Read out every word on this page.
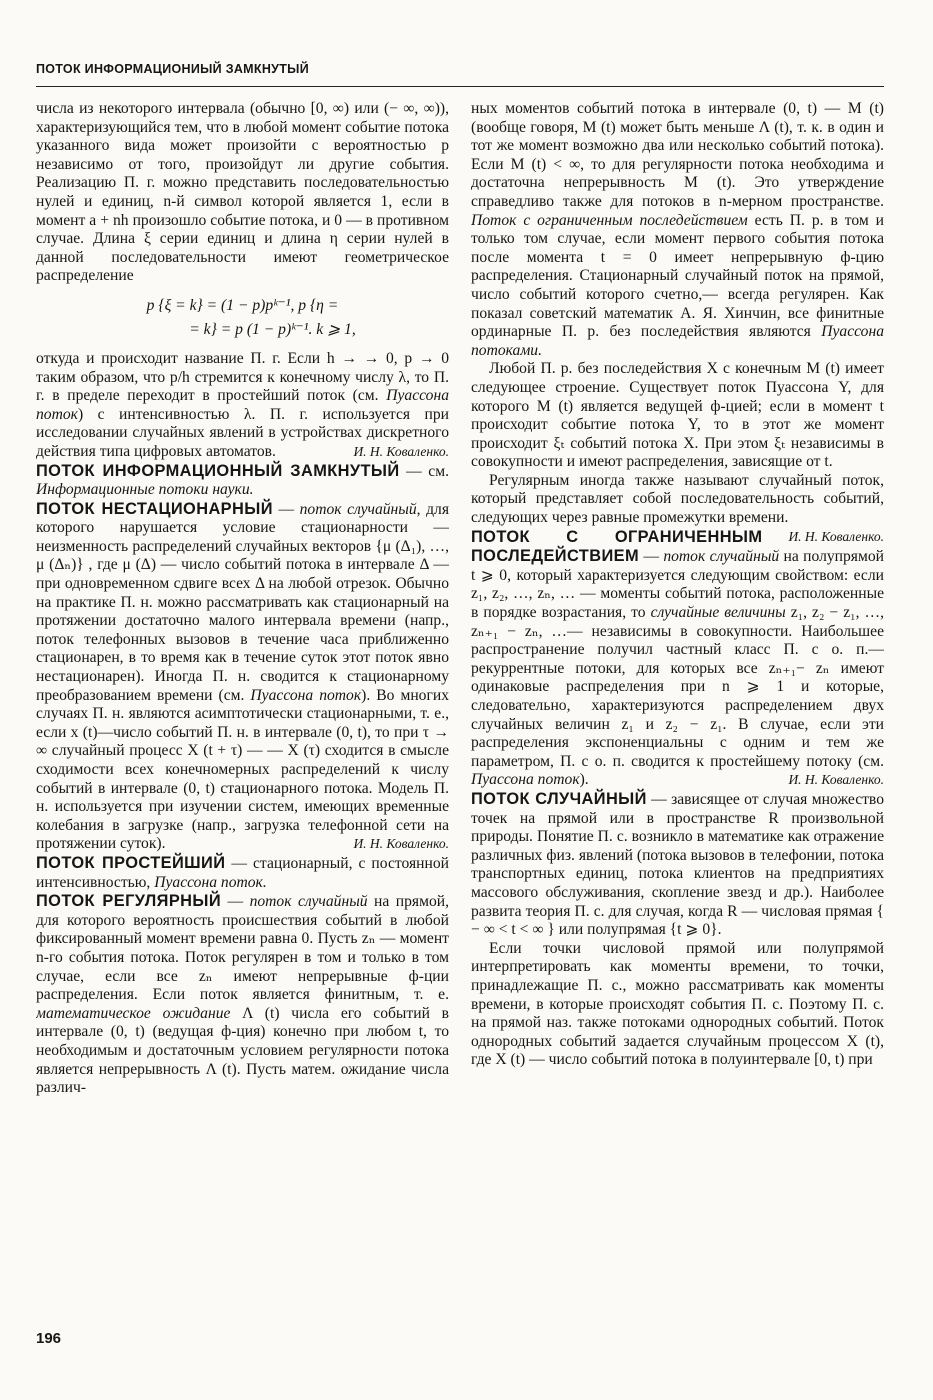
ПОТОК ИНФОРМАЦИОНИЫЙ ЗАМКНУТЫЙ

числа из некоторого интервала (обычно [0, ∞) или (− ∞, ∞)), характеризующийся тем, что в любой момент событие потока указанного вида может произойти с вероятностью p независимо от того, произойдут ли другие события. Реализацию П. г. можно представить последовательностью нулей и единиц, n-й символ которой является 1, если в момент a + nh произошло событие потока, и 0 — в противном случае. Длина ξ серии единиц и длина η серии нулей в данной последовательности имеют геометрическое распределение

p {ξ = k} = (1 − p)pᵏ⁻¹, p {η =
= k} = p (1 − p)ᵏ⁻¹. k ⩾ 1,

откуда и происходит название П. г. Если h → → 0, p → 0 таким образом, что p/h стремится к конечному числу λ, то П. г. в пределе переходит в простейший поток (см. Пуассона поток) с интенсивностью λ. П. г. используется при исследовании случайных явлений в устройствах дискретного действия типа цифровых автоматов.	И. Н. Коваленко.

ПОТОК ИНФОРМАЦИОННЫЙ ЗАМКНУТЫЙ — см. Информационные потоки науки.

ПОТОК НЕСТАЦИОНАРНЫЙ — поток случайный, для которого нарушается условие стационарности — неизменность распределений случайных векторов {μ (Δ₁), …, μ (Δₙ)} , где μ (Δ) — число событий потока в интервале Δ — при одновременном сдвиге всех Δ на любой отрезок. Обычно на практике П. н. можно рассматривать как стационарный на протяжении достаточно малого интервала времени (напр., поток телефонных вызовов в течение часа приближенно стационарен, в то время как в течение суток этот поток явно нестационарен). Иногда П. н. сводится к стационарному преобразованием времени (см. Пуассона поток). Во многих случаях П. н. являются асимптотически стационарными, т. е., если x (t)—число событий П. н. в интервале (0, t), то при τ → ∞ случайный процесс X (t + τ) — — X (τ) сходится в смысле сходимости всех конечномерных распределений к числу событий в интервале (0, t) стационарного потока. Модель П. н. используется при изучении систем, имеющих временные колебания в загрузке (напр., загрузка телефонной сети на протяжении суток).	И. Н. Коваленко.

ПОТОК ПРОСТЕЙШИЙ — стационарный, с постоянной интенсивностью, Пуассона поток.

ПОТОК РЕГУЛЯРНЫЙ — поток случайный на прямой, для которого вероятность происшествия событий в любой фиксированный момент времени равна 0. Пусть zₙ — момент n-го события потока. Поток регулярен в том и только в том случае, если все zₙ имеют непрерывные ф-ции распределения. Если поток является финитным, т. е. математическое ожидание Λ (t) числа его событий в интервале (0, t) (ведущая ф-ция) конечно при любом t, то необходимым и достаточным условием регулярности потока является непрерывность Λ (t). Пусть матем. ожидание числа различ-

ных моментов событий потока в интервале (0, t) — M (t) (вообще говоря, M (t) может быть меньше Λ (t), т. к. в один и тот же момент возможно два или несколько событий потока). Если M (t) < ∞, то для регулярности потока необходима и достаточна непрерывность M (t). Это утверждение справедливо также для потоков в n-мерном пространстве. Поток с ограниченным последействием есть П. р. в том и только том случае, если момент первого события потока после момента t = 0 имеет непрерывную ф-цию распределения. Стационарный случайный поток на прямой, число событий которого счетно,— всегда регулярен. Как показал советский математик А. Я. Хинчин, все финитные ординарные П. р. без последействия являются Пуассона потоками.

Любой П. р. без последействия X с конечным M (t) имеет следующее строение. Существует поток Пуассона Y, для которого M (t) является ведущей ф-цией; если в момент t происходит событие потока Y, то в этот же момент происходит ξₜ событий потока X. При этом ξₜ независимы в совокупности и имеют распределения, зависящие от t.

Регулярным иногда также называют случайный поток, который представляет собой последовательность событий, следующих через равные промежутки времени.
И. Н. Коваленко.

ПОТОК С ОГРАНИЧЕННЫМ ПОСЛЕДЕЙСТВИЕМ — поток случайный на полупрямой t ⩾ 0, который характеризуется следующим свойством: если z₁, z₂, …, zₙ, … — моменты событий потока, расположенные в порядке возрастания, то случайные величины z₁, z₂ − z₁, …, zₙ₊₁ − zₙ, …— независимы в совокупности. Наибольшее распространение получил частный класс П. с о. п.— рекуррентные потоки, для которых все zₙ₊₁− zₙ имеют одинаковые распределения при n ⩾ 1 и которые, следовательно, характеризуются распределением двух случайных величин z₁ и z₂ − z₁. В случае, если эти распределения экспоненциальны с одним и тем же параметром, П. с о. п. сводится к простейшему потоку (см. Пуассона поток).	И. Н. Коваленко.

ПОТОК СЛУЧАЙНЫЙ — зависящее от случая множество точек на прямой или в пространстве R произвольной природы. Понятие П. с. возникло в математике как отражение различных физ. явлений (потока вызовов в телефонии, потока транспортных единиц, потока клиентов на предприятиях массового обслуживания, скопление звезд и др.). Наиболее развита теория П. с. для случая, когда R — числовая прямая { − ∞ < t < ∞ } или полупрямая {t ⩾ 0}.

Если точки числовой прямой или полупрямой интерпретировать как моменты времени, то точки, принадлежащие П. с., можно рассматривать как моменты времени, в которые происходят события П. с. Поэтому П. с. на прямой наз. также потоками однородных событий. Поток однородных событий задается случайным процессом X (t), где X (t) — число событий потока в полуинтервале [0, t) при

196
